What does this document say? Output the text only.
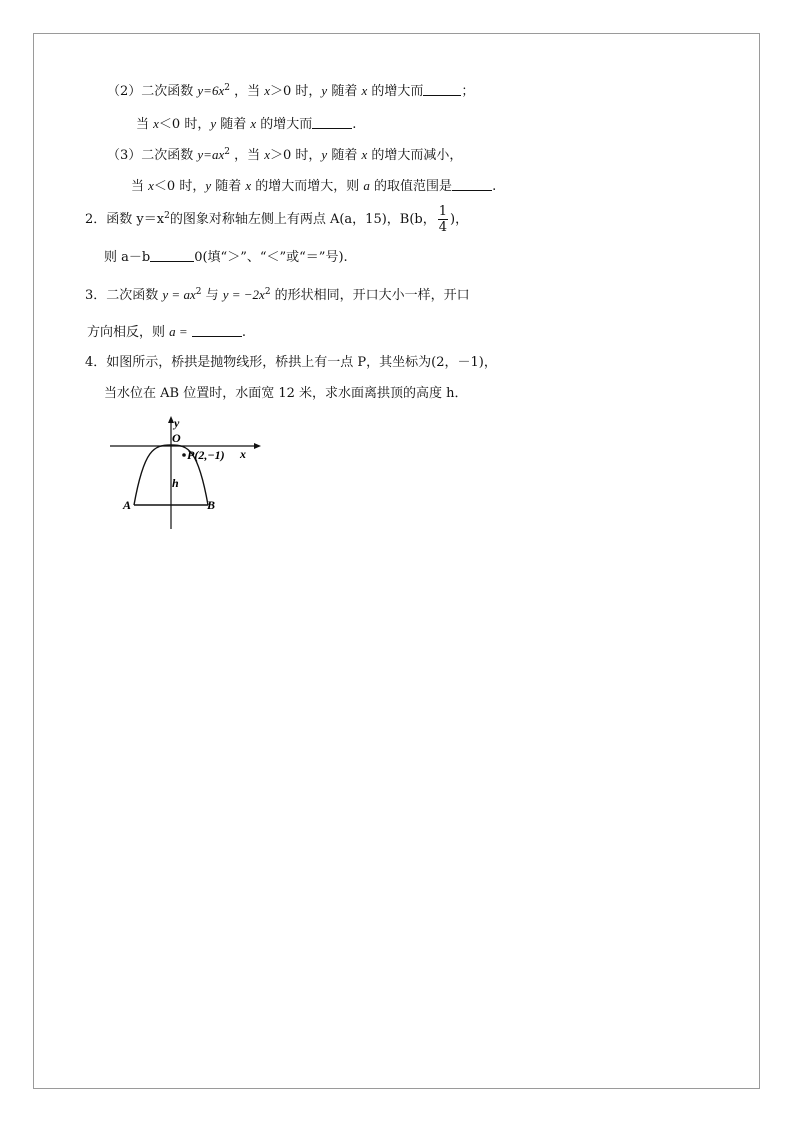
（2）二次函数 $y=6x^2$ ，当 x＞0 时，y 随着 x 的增大而	；
当 x＜0 时，y 随着 x 的增大而	.
（3）二次函数 $y=ax^2$ ，当 x＞0 时，y 随着 x 的增大而减小，
当 x＜0 时，y 随着 x 的增大而增大，则 a 的取值范围是	.
2．函数 $y=x^2$的图象对称轴左侧上有两点 A(a，15)，B(b， $\frac{1}{4}$ )，
则 a－b	0(填“＞”、“＜”或“＝”号).
3．二次函数 $y = ax^2$ 与 $y = -2x^2$ 的形状相同，开口大小一样，开口
方向相反，则 a =	.
4．如图所示，桥拱是抛物线形，桥拱上有一点 P，其坐标为(2，－1)，
当水位在 AB 位置时，水面宽 12 米，求水面离拱顶的高度 h．
y
O
x
P(2,−1)
h
A	B
